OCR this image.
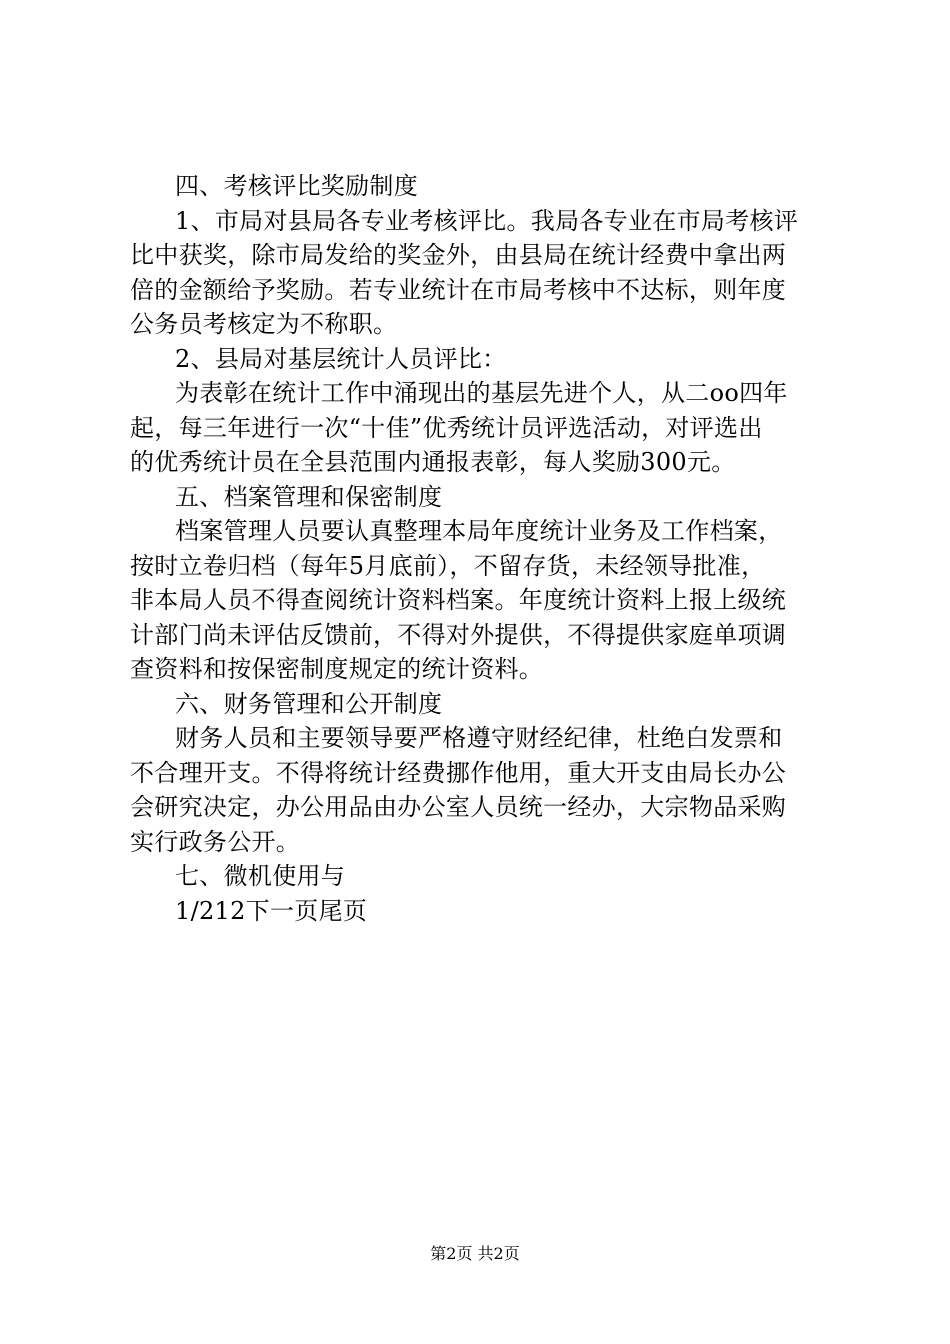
四、考核评比奖励制度
1、市局对县局各专业考核评比。我局各专业在市局考核评
比中获奖，除市局发给的奖金外，由县局在统计经费中拿出两
倍的金额给予奖励。若专业统计在市局考核中不达标，则年度
公务员考核定为不称职。
2、县局对基层统计人员评比：
为表彰在统计工作中涌现出的基层先进个人，从二oo四年
起，每三年进行一次“十佳”优秀统计员评选活动，对评选出
的优秀统计员在全县范围内通报表彰，每人奖励300元。
五、档案管理和保密制度
档案管理人员要认真整理本局年度统计业务及工作档案，
按时立卷归档（每年5月底前），不留存货，未经领导批准，
非本局人员不得查阅统计资料档案。年度统计资料上报上级统
计部门尚未评估反馈前，不得对外提供，不得提供家庭单项调
查资料和按保密制度规定的统计资料。
六、财务管理和公开制度
财务人员和主要领导要严格遵守财经纪律，杜绝白发票和
不合理开支。不得将统计经费挪作他用，重大开支由局长办公
会研究决定，办公用品由办公室人员统一经办，大宗物品采购
实行政务公开。
七、微机使用与
1/212下一页尾页
第2页 共2页
